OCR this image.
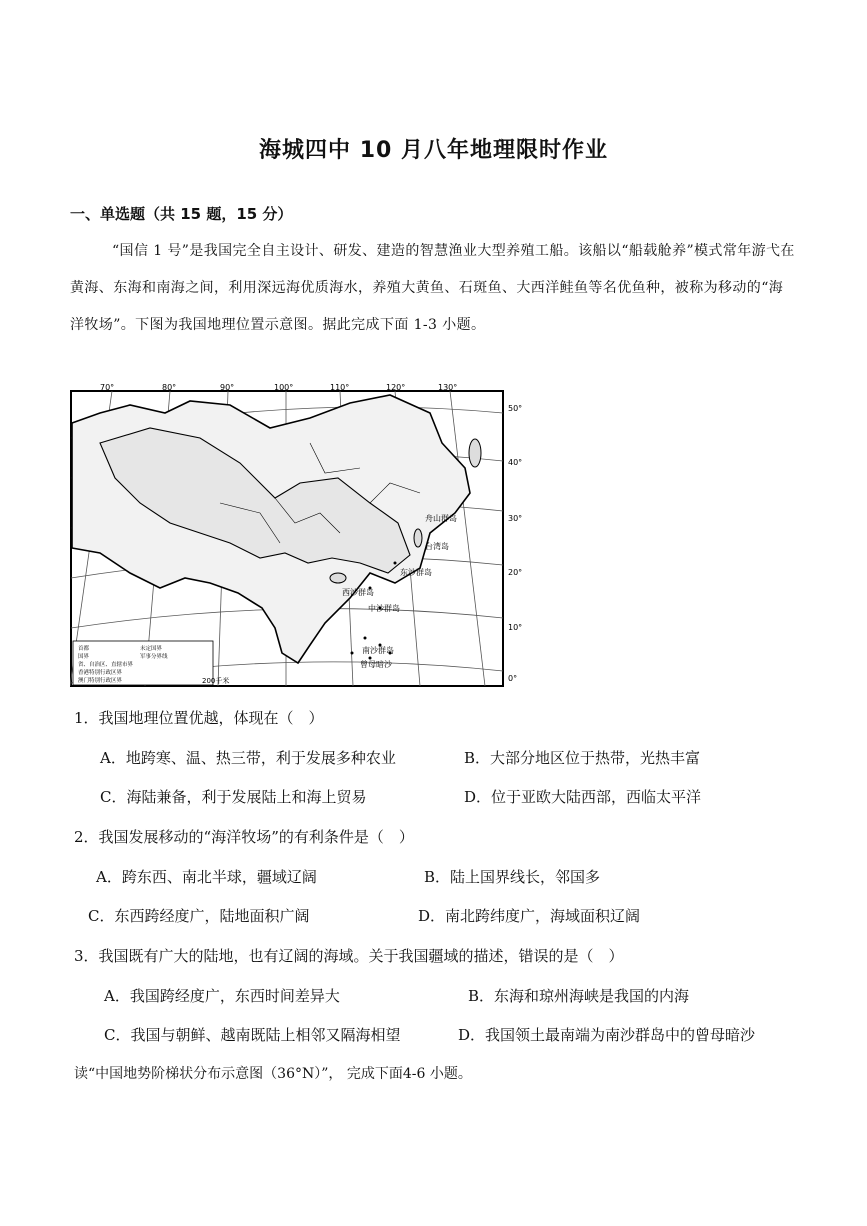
海城四中 10 月八年地理限时作业
一、单选题（共 15 题，15 分）
“国信 1 号”是我国完全自主设计、研发、建造的智慧渔业大型养殖工船。该船以“船载舱养”模式常年游弋在黄海、东海和南海之间，利用深远海优质海水，养殖大黄鱼、石斑鱼、大西洋鲑鱼等名优鱼种，被称为移动的“海洋牧场”。下图为我国地理位置示意图。据此完成下面 1-3 小题。
70°	80°	90°	100°	110°	120°	130°
50°
40°
30°
20°
10°
0°
舟山群岛
台湾岛
东沙群岛
西沙群岛
中沙群岛
南沙群岛
曾母暗沙
首都	未定国界
国界	军事分界线
省、自治区、直辖市界
香港特别行政区界
澳门特别行政区界	200千米
1．我国地理位置优越，体现在（　）
A．地跨寒、温、热三带，利于发展多种农业	B．大部分地区位于热带，光热丰富
C．海陆兼备，利于发展陆上和海上贸易	D．位于亚欧大陆西部，西临太平洋
2．我国发展移动的“海洋牧场”的有利条件是（　）
A．跨东西、南北半球，疆域辽阔	B．陆上国界线长，邻国多
C．东西跨经度广，陆地面积广阔	D．南北跨纬度广，海域面积辽阔
3．我国既有广大的陆地，也有辽阔的海域。关于我国疆域的描述，错误的是（　）
A．我国跨经度广，东西时间差异大	B．东海和琼州海峡是我国的内海
C．我国与朝鲜、越南既陆上相邻又隔海相望	D．我国领土最南端为南沙群岛中的曾母暗沙
读“中国地势阶梯状分布示意图（36°N）”， 完成下面4-6 小题。
